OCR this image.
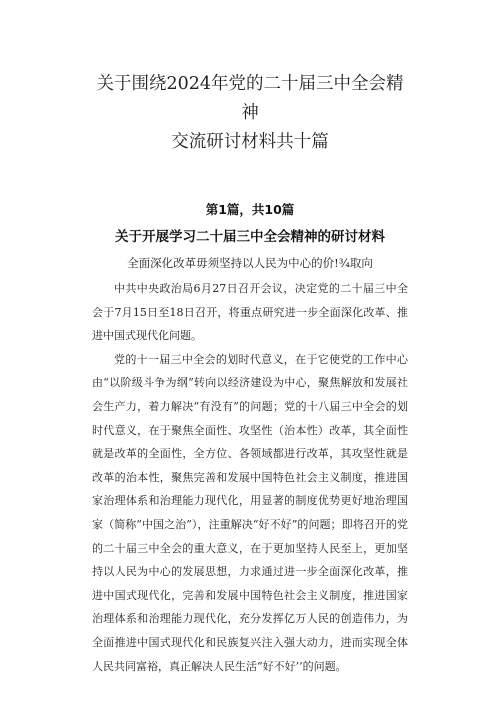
关于围绕2024年党的二十届三中全会精神
交流研讨材料共十篇
第1篇，共10篇
关于开展学习二十届三中全会精神的研讨材料
全面深化改革毋须坚持以人民为中心的价!¾取向

中共中央政治局6月27日召开会议，决定党的二十届三中全会于7月15日至18日召开，将重点研究进一步全面深化改革、推进中国式现代化问题。

党的十一届三中全会的划时代意义，在于它使党的工作中心由“以阶级斗争为纲”转向以经济建设为中心，聚焦解放和发展社会生产力，着力解决“有没有”的问题；党的十八届三中全会的划时代意义，在于聚焦全面性、攻坚性（治本性）改革，其全面性就是改革的全面性，全方位、各领域都进行改革，其攻坚性就是改革的治本性，聚焦完善和发展中国特色社会主义制度，推进国家治理体系和治理能力现代化，用显著的制度优势更好地治理国家（简称“中国之治”），注重解决“好不好”的问题；即将召开的党的二十届三中全会的重大意义，在于更加坚持人民至上，更加坚持以人民为中心的发展思想，力求通过进一步全面深化改革，推进中国式现代化，完善和发展中国特色社会主义制度，推进国家治理体系和治理能力现代化，充分发挥亿万人民的创造伟力，为全面推进中国式现代化和民族复兴注入强大动力，进而实现全体人民共同富裕，真正解决人民生活“好不好’’的问题。
